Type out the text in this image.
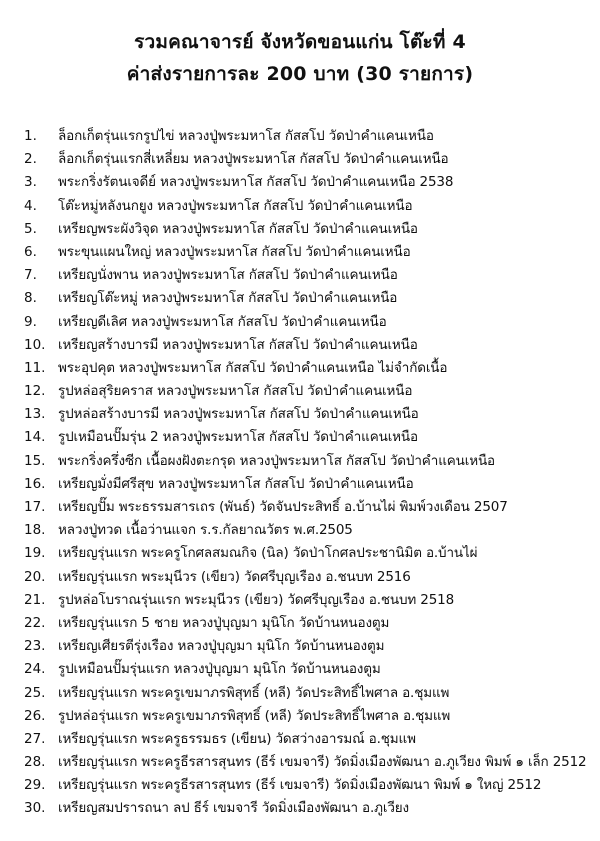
รวมคณาจารย์ จังหวัดขอนแก่น โต๊ะที่ 4
ค่าส่งรายการละ 200 บาท (30 รายการ)
1.	ล็อกเก็ตรุ่นแรกรูปไข่ หลวงปู่พระมหาโส กัสสโป วัดป่าคำแคนเหนือ
2.	ล็อกเก็ตรุ่นแรกสี่เหลี่ยม หลวงปู่พระมหาโส กัสสโป วัดป่าคำแคนเหนือ
3.	พระกริ่งรัตนเจดีย์ หลวงปู่พระมหาโส กัสสโป วัดป่าคำแคนเหนือ 2538
4.	โต๊ะหมู่หลังนกยูง หลวงปู่พระมหาโส กัสสโป วัดป่าคำแคนเหนือ
5.	เหรียญพระผังวิจุด หลวงปู่พระมหาโส กัสสโป วัดป่าคำแคนเหนือ
6.	พระขุนแผนใหญ่ หลวงปู่พระมหาโส กัสสโป วัดป่าคำแคนเหนือ
7.	เหรียญนั่งพาน หลวงปู่พระมหาโส กัสสโป วัดป่าคำแคนเหนือ
8.	เหรียญโต๊ะหมู่ หลวงปู่พระมหาโส กัสสโป วัดป่าคำแคนเหนือ
9.	เหรียญดีเลิศ หลวงปู่พระมหาโส กัสสโป วัดป่าคำแคนเหนือ
10. เหรียญสร้างบารมี หลวงปู่พระมหาโส กัสสโป วัดป่าคำแคนเหนือ
11. พระอุปคุต หลวงปู่พระมหาโส กัสสโป วัดป่าคำแคนเหนือ ไม่จำกัดเนื้อ
12. รูปหล่อสุริยคราส หลวงปู่พระมหาโส กัสสโป วัดป่าคำแคนเหนือ
13. รูปหล่อสร้างบารมี หลวงปู่พระมหาโส กัสสโป วัดป่าคำแคนเหนือ
14. รูปเหมือนปั๊มรุ่น 2 หลวงปู่พระมหาโส กัสสโป วัดป่าคำแคนเหนือ
15. พระกริ่งครึ่งซีก เนื้อผงฝังตะกรุด หลวงปู่พระมหาโส กัสสโป วัดป่าคำแคนเหนือ
16. เหรียญมั่งมีศรีสุข หลวงปู่พระมหาโส กัสสโป วัดป่าคำแคนเหนือ
17. เหรียญปั๊ม พระธรรมสารเถร (พันธ์) วัดจันประสิทธิ์ อ.บ้านไผ่ พิมพ์วงเดือน 2507
18. หลวงปู่ทวด เนื้อว่านแจก ร.ร.กัลยาณวัตร พ.ศ.2505
19. เหรียญรุ่นแรก พระครูโกศลสมณกิจ (นิล) วัดป่าโกศลประชานิมิต อ.บ้านไผ่
20. เหรียญรุ่นแรก พระมุนีวร (เขียว) วัดศรีบุญเรือง อ.ชนบท 2516
21. รูปหล่อโบราณรุ่นแรก พระมุนีวร (เขียว) วัดศรีบุญเรือง อ.ชนบท 2518
22. เหรียญรุ่นแรก 5 ชาย หลวงปู่บุญมา มุนิโก วัดบ้านหนองตูม
23. เหรียญเศียรตีรุ่งเรือง หลวงปู่บุญมา มุนิโก วัดบ้านหนองตูม
24. รูปเหมือนปั๊มรุ่นแรก หลวงปู่บุญมา มุนิโก วัดบ้านหนองตูม
25. เหรียญรุ่นแรก พระครูเขมาภรพิสุทธิ์ (หลี) วัดประสิทธิ์ไพศาล อ.ชุมแพ
26. รูปหล่อรุ่นแรก พระครูเขมาภรพิสุทธิ์ (หลี) วัดประสิทธิ์ไพศาล อ.ชุมแพ
27. เหรียญรุ่นแรก พระครูธรรมธร (เขียน) วัดสว่างอารมณ์ อ.ชุมแพ
28. เหรียญรุ่นแรก พระครูธีรสารสุนทร (ธีร์ เขมจารี) วัดมิ่งเมืองพัฒนา อ.ภูเวียง พิมพ์ ๑ เล็ก 2512
29. เหรียญรุ่นแรก พระครูธีรสารสุนทร (ธีร์ เขมจารี) วัดมิ่งเมืองพัฒนา พิมพ์ ๑ ใหญ่ 2512
30. เหรียญสมปรารถนา ลป ธีร์ เขมจารี วัดมิ่งเมืองพัฒนา อ.ภูเวียง
